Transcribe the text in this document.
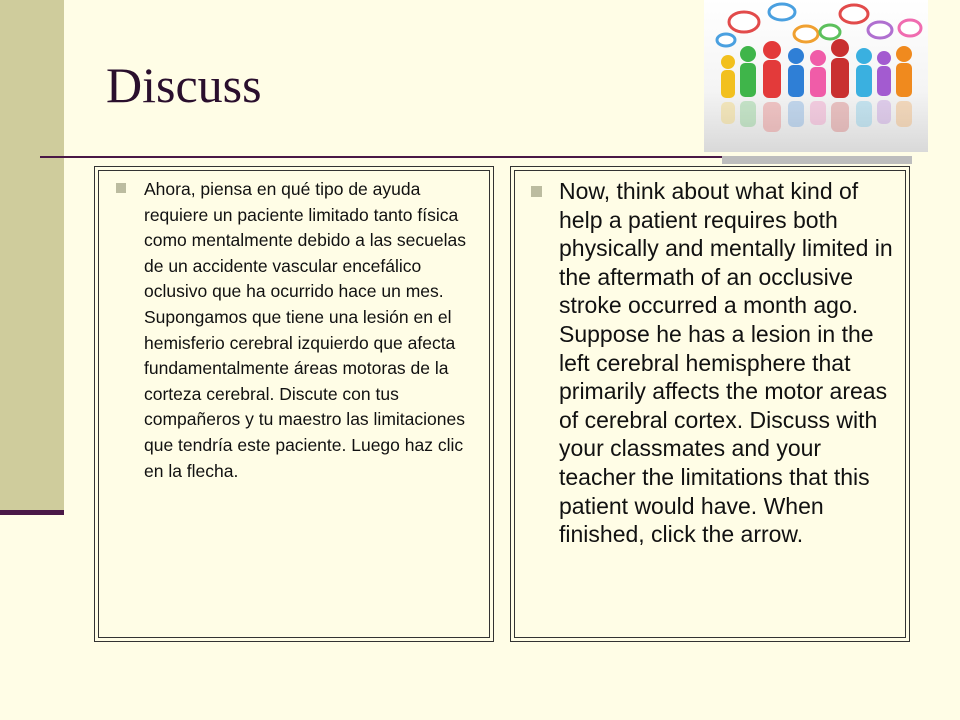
Discuss
Ahora, piensa en qué tipo de ayuda requiere un paciente limitado tanto física como mentalmente debido a las secuelas de un accidente vascular encefálico oclusivo que ha ocurrido hace un mes. Supongamos que tiene una lesión en el hemisferio cerebral izquierdo que afecta fundamentalmente áreas motoras de la corteza cerebral. Discute con tus compañeros y tu maestro las limitaciones que tendría este paciente. Luego haz clic en la flecha.
Now, think about what kind of help a patient requires both physically and mentally limited in the aftermath of an occlusive stroke occurred a month ago. Suppose he has a lesion in the left cerebral hemisphere that primarily affects the motor areas of cerebral cortex. Discuss with your classmates and your teacher the limitations that this patient would have. When finished, click the arrow.
